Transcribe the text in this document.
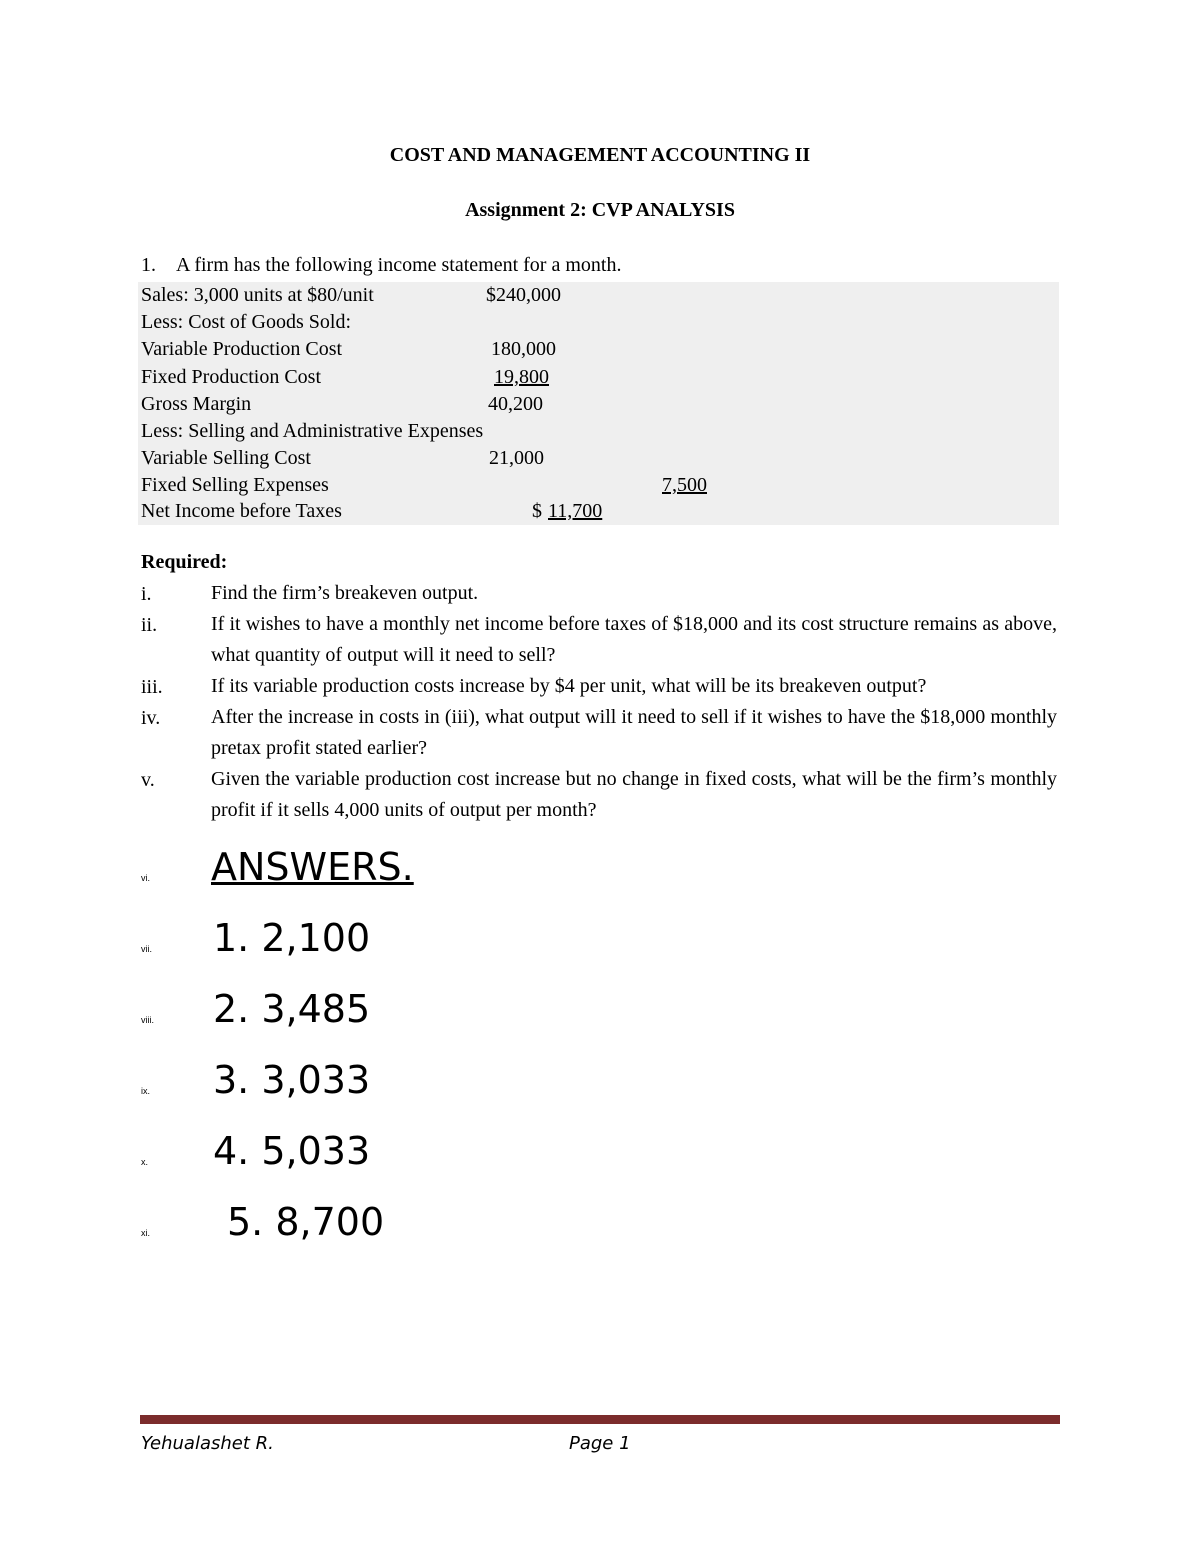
COST AND MANAGEMENT ACCOUNTING II
Assignment 2: CVP ANALYSIS
1. A firm has the following income statement for a month.
Sales: 3,000 units at $80/unit	$240,000
Less: Cost of Goods Sold:
Variable Production Cost	180,000
Fixed Production Cost	19,800
Gross Margin	40,200
Less: Selling and Administrative Expenses
Variable Selling Cost	21,000
Fixed Selling Expenses	7,500
Net Income before Taxes	$ 11,700
Required:
i.	Find the firm’s breakeven output.
ii.	If it wishes to have a monthly net income before taxes of $18,000 and its cost structure remains as above, what quantity of output will it need to sell?
iii. If its variable production costs increase by $4 per unit, what will be its breakeven output?
iv.	After the increase in costs in (iii), what output will it need to sell if it wishes to have the $18,000 monthly pretax profit stated earlier?
v.	Given the variable production cost increase but no change in fixed costs, what will be the firm’s monthly profit if it sells 4,000 units of output per month?
vi. ANSWERS.
vii. 1. 2,100
viii. 2. 3,485
ix. 3. 3,033
x. 4. 5,033
xi. 5. 8,700
Yehualashet R.	Page 1
